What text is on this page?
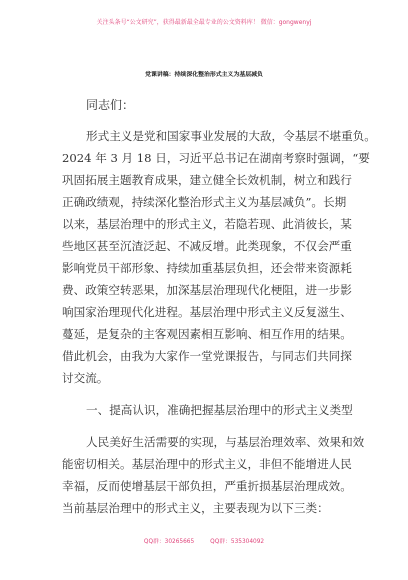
关注头条号“公文研究”，获得最新最全最专业的公文资料库！ 微信：gongwenyj
党课讲稿：持续深化整治形式主义为基层减负
同志们：
形式主义是党和国家事业发展的大敌，令基层不堪重负。
2024 年 3 月 18 日，习近平总书记在湖南考察时强调，“要
巩固拓展主题教育成果，建立健全长效机制，树立和践行
正确政绩观，持续深化整治形式主义为基层减负”。长期
以来，基层治理中的形式主义，若隐若现、此消彼长，某
些地区甚至沉渣泛起、不减反增。此类现象，不仅会严重
影响党员干部形象、持续加重基层负担，还会带来资源耗
费、政策空转恶果，加深基层治理现代化梗阻，进一步影
响国家治理现代化进程。基层治理中形式主义反复滋生、
蔓延，是复杂的主客观因素相互影响、相互作用的结果。
借此机会，由我为大家作一堂党课报告，与同志们共同探
讨交流。
一、提高认识，准确把握基层治理中的形式主义类型
人民美好生活需要的实现，与基层治理效率、效果和效
能密切相关。基层治理中的形式主义，非但不能增进人民
幸福，反而使增基层干部负担，严重折损基层治理成效。
当前基层治理中的形式主义，主要表现为以下三类：
QQ群：30265665	QQ群：535304092
